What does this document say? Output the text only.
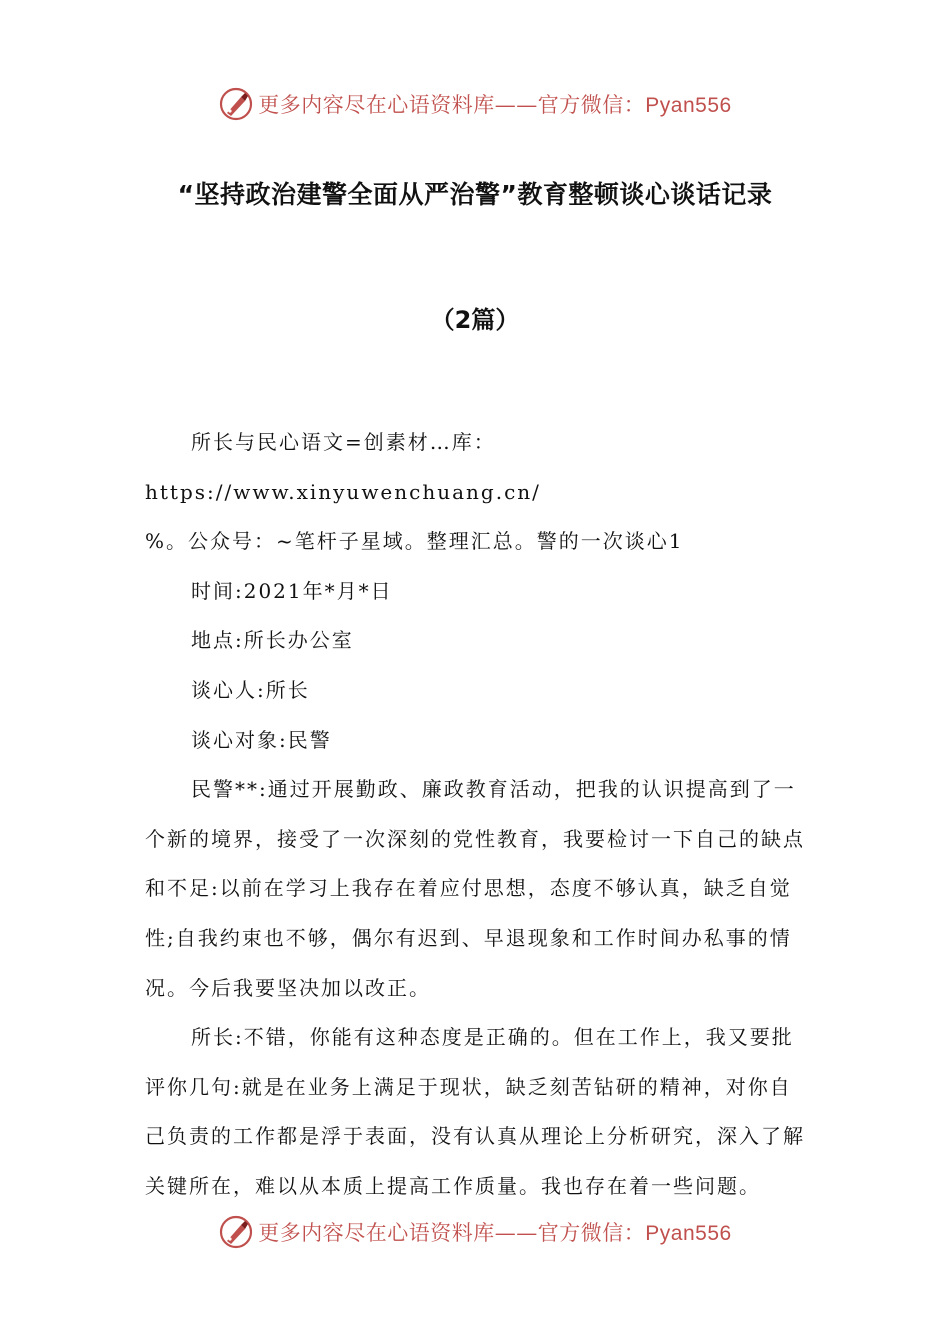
更多内容尽在心语资料库——官方微信：Pyan556
“坚持政治建警全面从严治警”教育整顿谈心谈话记录
（2篇）

所长与民心语文=创素材…库：https://www.xinyuwenchuang.cn/

%。公众号：~笔杆子星域。整理汇总。警的一次谈心1

时间:2021年*月*日

地点:所长办公室

谈心人:所长

谈心对象:民警

民警**:通过开展勤政、廉政教育活动，把我的认识提高到了一个新的境界，接受了一次深刻的党性教育，我要检讨一下自己的缺点和不足:以前在学习上我存在着应付思想，态度不够认真，缺乏自觉性;自我约束也不够，偶尔有迟到、早退现象和工作时间办私事的情况。今后我要坚决加以改正。

所长:不错，你能有这种态度是正确的。但在工作上，我又要批评你几句:就是在业务上满足于现状，缺乏刻苦钻研的精神，对你自己负责的工作都是浮于表面，没有认真从理论上分析研究，深入了解关键所在，难以从本质上提高工作质量。我也存在着一些问题。

更多内容尽在心语资料库——官方微信：Pyan556
